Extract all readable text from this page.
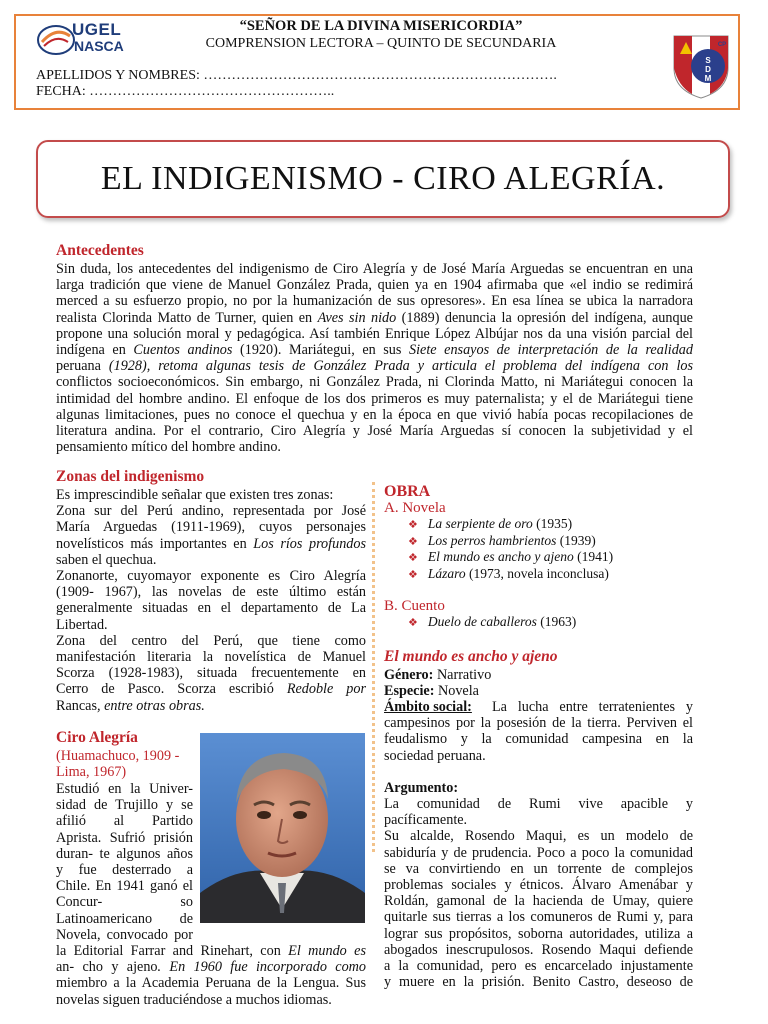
UGEL
NASCA
“SEÑOR DE LA DIVINA MISERICORDIA”
COMPRENSION LECTORA – QUINTO DE SECUNDARIA
APELLIDOS Y NOMBRES: ………………………………………………………………….
FECHA: ……………………………………………..
S
D
M
CP
EL INDIGENISMO - CIRO ALEGRÍA.
Antecedentes
Sin duda, los antecedentes del indigenismo de Ciro Alegría y de José María Arguedas se encuentran en una
larga tradición que viene de Manuel González Prada, quien ya en 1904 afirmaba que «el indio se redimirá
merced a su esfuerzo propio, no por la humanización de sus opresores». En esa línea se ubica la narradora
realista Clorinda Matto de Turner, quien en Aves sin nido (1889) denuncia la opresión del indígena, aunque
propone una solución moral y pedagógica. Así también Enrique López Albújar nos da una visión parcial del
indígena en Cuentos andinos (1920). Mariátegui, en sus Siete ensayos de interpretación de la realidad
peruana (1928), retoma algunas tesis de González Prada y articula el problema del indígena con los
conflictos socioeconómicos. Sin embargo, ni González Prada, ni Clorinda Matto, ni Mariátegui conocen la
intimidad del hombre andino. El enfoque de los dos primeros es muy paternalista; y el de Mariátegui tiene
algunas limitaciones, pues no conoce el quechua y en la época en que vivió había pocas recopilaciones de
literatura andina. Por el contrario, Ciro Alegría y José María Arguedas sí conocen la subjetividad y el
pensamiento mítico del hombre andino.
Zonas del indigenismo
Es imprescindible señalar que existen tres zonas:
Zona sur del Perú andino, representada por José
María Arguedas (1911-1969), cuyos personajes
novelísticos más importantes en Los ríos profundos
saben el quechua.
Zonanorte, cuyomayor exponente es Ciro Alegría
(1909- 1967), las novelas de este último están
generalmente situadas en el departamento de La
Libertad.
Zona del centro del Perú, que tiene como
manifestación literaria la novelística de Manuel
Scorza (1928-1983), situada frecuentemente en
Cerro de Pasco. Scorza escribió Redoble por
Rancas, entre otras obras.
Ciro Alegría
(Huamachuco, 1909 -
Lima, 1967)
Estudió en la Univer-
sidad de Trujillo y se
afilió al Partido
Aprista. Sufrió prisión
duran- te algunos años
y fue desterrado a
Chile. En 1941 ganó el
Concur- so
Latinoamericano de
Novela, convocado por
la Editorial Farrar and Rinehart, con El mundo es
an- cho y ajeno. En 1960 fue incorporado como
miembro a la Academia Peruana de la Lengua. Sus
novelas siguen traduciéndose a muchos idiomas.
OBRA
A. Novela
❖ La serpiente de oro (1935)
❖ Los perros hambrientos (1939)
❖ El mundo es ancho y ajeno (1941)
❖ Lázaro (1973, novela inconclusa)
B. Cuento
❖ Duelo de caballeros (1963)
El mundo es ancho y ajeno
Género: Narrativo
Especie: Novela
Ámbito social:	La lucha entre terratenientes y
campesinos por la posesión de la tierra. Perviven el
feudalismo y la comunidad campesina en la
sociedad peruana.
Argumento:
La comunidad de Rumi vive apacible y pacíficamente.
Su alcalde, Rosendo Maqui, es un modelo de
sabiduría y de prudencia. Poco a poco la comunidad
se va convirtiendo en un torrente de complejos
problemas sociales y étnicos. Álvaro Amenábar y
Roldán, gamonal de la hacienda de Umay, quiere
quitarle sus tierras a los comuneros de Rumi y, para
lograr sus propósitos, soborna autoridades, utiliza a
abogados inescrupulosos. Rosendo Maqui defiende
a la comunidad, pero es encarcelado injustamente
y muere en la prisión. Benito Castro, deseoso de
